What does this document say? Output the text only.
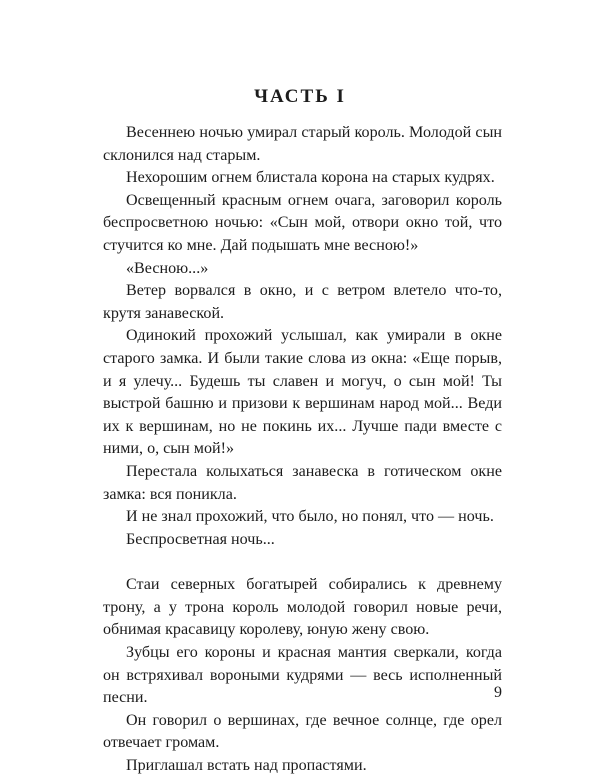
ЧАСТЬ I

Весеннею ночью умирал старый король. Молодой сын склонился над старым.

Нехорошим огнем блистала корона на старых кудрях.

Освещенный красным огнем очага, заговорил король беспросветною ночью: «Сын мой, отвори окно той, что стучится ко мне. Дай подышать мне весною!»

«Весною...»

Ветер ворвался в окно, и с ветром влетело что-то, крутя занавеской.

Одинокий прохожий услышал, как умирали в окне старого замка. И были такие слова из окна: «Еще порыв, и я улечу... Будешь ты славен и могуч, о сын мой! Ты выстрой башню и призови к вершинам народ мой... Веди их к вершинам, но не покинь их... Лучше пади вместе с ними, о, сын мой!»

Перестала колыхаться занавеска в готическом окне замка: вся поникла.

И не знал прохожий, что было, но понял, что — ночь.

Беспросветная ночь...

Стаи северных богатырей собирались к древнему трону, а у трона король молодой говорил новые речи, обнимая красавицу королеву, юную жену свою.

Зубцы его короны и красная мантия сверкали, когда он встряхивал вороными кудрями — весь исполненный песни.

Он говорил о вершинах, где вечное солнце, где орел отвечает громам.

Приглашал встать над пропастями.

9
